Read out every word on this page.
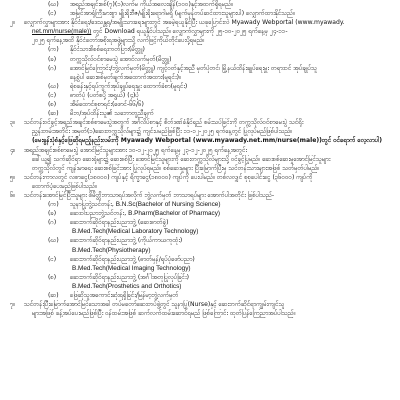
(ဃ) အရည်အချင်းစစ်(၇)(၁)လက်မ ကိုယ်အလေးချိန်(၁၀၀)နှင့်အထက်ရှိရမည်။
(င) အမြင်အာရုံကြီးမားစွာ မျိုးရိုးဗီဇ/မျိုးရိုးရောဂါမရှိ (မျက်မှန်တပ်ဆင်ထားသူများပါ) လျှောက်ထားနိုင်သည်။
၂။ လျှောက်လွှာများအား နိုင်ငံရေး/ဒေသန္တရ/အမျိုးသားရေးများတွင် အခမဲ့ရယူနိုင်ပြီး ယခုပြောင်းလဲ Myawady Webportal (www.myawady.
net.mm/nurse(male)) တွင် Download ရယူနိုင်ပါသည်။ လျှောက်လွှာများကို ၂၅-၁၀-၂၀၂၅ ရက်နေ့မှ ၂၄-၁၁-
၂၀၂၅ ရက်နေ့အထိ နိုင်ငံတော်အစိုးရအဖွဲ့များသို့ လက်ဖြင့်ကိုယ်တိုင်ပေးပို့ရမည်။
(က) နိုင်ငံသားစိစစ်ရေးကတ်ပြား(မိတ္တူ)
(ခ) တက္ကသိုလ်ဝင်စာမေးပွဲ အောင်လက်မှတ်(မိတ္တူ)
(ဂ) အောင်မြင်ကြောင်း/ဘွဲ့လက်မှတ်(မိတ္တူ) ကျင့်ဝတ်နှင့်အညီ မှတ်ပုံတင်၊ မြို့နယ်ထိန်းချုပ်ရေးမှူး တရားဝင် အုပ်ချုပ်သူ
နေ့စွဲပါ ဆေးစစ်မှတ်ချက်အထောက်အထား(မူရင်း)။
(ဃ) ရဲစခန်းနှင့်ရပ်ကွက်အုပ်ချုပ်ရေးမှူး ထောက်ခံစာ(မူရင်း)
(င) ဓာတ်ပုံ (ပတ်စပို့ အရွယ်) (၄)ပုံ
(စ) အိမ်ထောင်စုစာရင်း(ဖောင်-၆၆/၆)
(ဆ) မိဘ/အုပ်ထိန်းသူ၏ သဘောတူညီချက်
၃။ သင်တန်းဝင်ခွင့်အရည်အချင်းစစ်စာမေးပွဲအတွက် အင်္ဂလိပ်စာနှင့် စိတ်ဒဏ်ခံနိုင်ရည် စမ်းသပ်ခြင်းကို တက္ကသိုလ်ဝင်စာမေးပွဲ သင်ရိုး
ညွှန်းတမ်းအတိုင်း အမှတ်(၁)ဆေးတက္ကသိုလ်များ၌ ကျင်းပမည်ဖြစ်ပြီး ၁၁-၁၂-၂၀၂၅ ရက်နေ့တွင် ပြုလုပ်မည်ဖြစ်ပါသည်။
(မေးခွန်းပုံစံနှင့်ဖြေဆိုရမည့်နည်းလမ်းကို Myawady Webportal (www.myawady.net.mm/nurse(male))တွင် ဝင်ရောက် လေ့လာပါ)
၄။ အရည်အချင်းစစ်စာမေးပွဲ အောင်မြင်သူများအား ၁၀-၁၂-၂၀၂၅ ရက်နေ့မှ ၂၃-၁၂-၂၀၂၅ ရက်နေ့အတွင်း
ခေါ်ယူ၍ သက်ဆိုင်ရာ ဆေးရုံများ၌ ဆေးစစ်ပြီး အောင်မြင်သူများကို ဆေးတက္ကသိုလ်များသို့ ဝင်ခွင့်ပြုမည်။ ဆေးစစ်ဆေးမှုအောင်မြင်သူများ
တက္ကသိုလ်တွင် ကျန်းမာရေး ဆေးစစ်ခြင်းအား ပြုလုပ်ရမည်။ စစ်ဆေးမှုများ ပြီးမြောက်ပြီးမှ သင်တန်းသားများအဖြစ် သတ်မှတ်ပါမည်။
၅။ သင်တန်းကာလတွင် လစာငွေ(၁၈၀၀၀) ကျပ်နှင့် ရိက္ခာငွေ(၁၈၀၀၀) ကျပ်ကို ပေးပါမည်။ တစ်လလျှင် စုစုပေါင်းငွေ (၃၆၀၀၀) ကျပ်ကို
ထောက်ပံ့ပေးမည်ဖြစ်ပါသည်။
၆။ သင်တန်းအောင်မြင်ပြီးသူများ ဖိမိတ္တိဘာသာရပ်အလိုက် ဘွဲ့လက်မှတ် ဘာသာရပ်များ အောက်ပါအတိုင်း ဖြစ်ပါသည်-
(က) သူနာပြုဘွဲ့သင်တန်း, B.N.Sc(Bachelor of Nursing Science)
(ခ) ဆေးဝါးပညာဘွဲ့သင်တန်း, B.Pharm(Bachelor of Pharmacy)
(ဂ) ဆေးဘက်ဆိုင်ရာနည်းပညာဘွဲ့ (ဆေးဓာတ်ခွဲ)
B.Med.Tech(Medical Laboratory Technology)
(ဃ) ဆေးဘက်ဆိုင်ရာနည်းပညာဘွဲ့ (ကိုယ်ကာယကုထုံး)
B.Med.Tech(Physiotherapy)
(င) ဆေးဘက်ဆိုင်ရာနည်းပညာဘွဲ့ (ဓာတ်မှန်/ရုပ်ပုံဖော်ပညာ)
B.Med.Tech(Medical Imaging Technology)
(စ) ဆေးဘက်ဆိုင်ရာနည်းပညာဘွဲ့ (အင်္ဂါအတုပြုလုပ်ခြင်း)
B.Med.Tech(Prosthetics and Orthotics)
(ဆ) ဖြေဆိုသူအကောင်းဆုံးရရှိခြင်း/မြန်မာ့ဘွဲ့လက်မှတ်
၇။ သင်တန်းပြီးမြောက်အောင်မြင်သောအခါ တပ်မတော်ဆေးတပ်ဖွဲ့တွင် သူနာပြု(Nurse)နှင့် ဆေးဘက်ဆိုင်ရာကျွမ်းကျင်သူ
များအဖြစ် ခန့်အပ်ပေးမည်ဖြစ်ပြီး ဝန်ထမ်းအဖြစ် ဆက်လက်ထမ်းဆောင်ရမည် ဖြစ်ကြောင်း ထုတ်ပြန်ကြေညာအပ်ပါသည်။
